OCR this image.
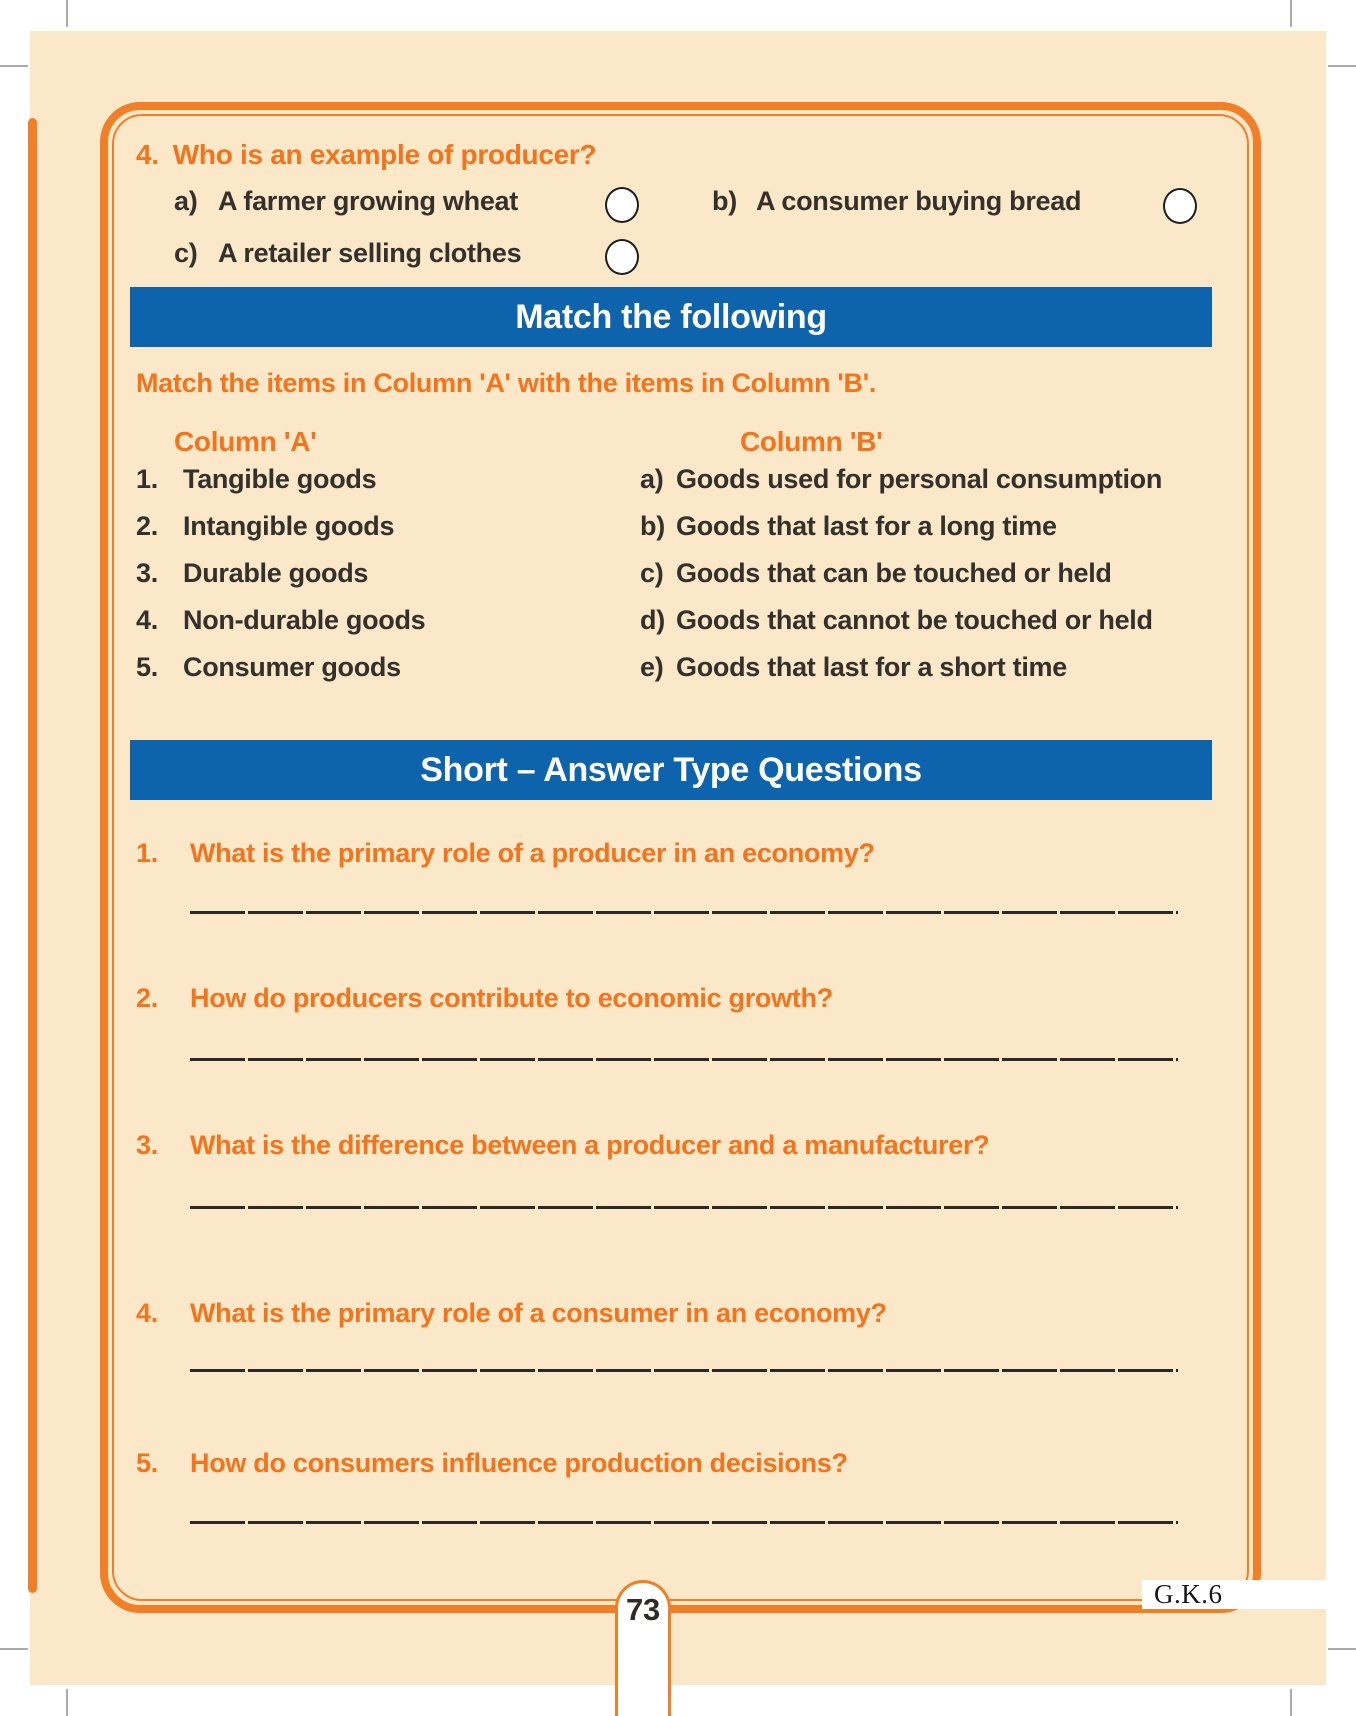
4. Who is an example of producer?
a) A farmer growing wheat	b) A consumer buying bread
c) A retailer selling clothes
Match the following
Match the items in Column 'A' with the items in Column 'B'.
Column 'A'	Column 'B'
1. Tangible goods	a) Goods used for personal consumption
2. Intangible goods	b) Goods that last for a long time
3. Durable goods	c) Goods that can be touched or held
4. Non-durable goods	d) Goods that cannot be touched or held
5. Consumer goods	e) Goods that last for a short time
Short – Answer Type Questions
1. What is the primary role of a producer in an economy?
2. How do producers contribute to economic growth?
3. What is the difference between a producer and a manufacturer?
4. What is the primary role of a consumer in an economy?
5. How do consumers influence production decisions?
73	G.K.6
